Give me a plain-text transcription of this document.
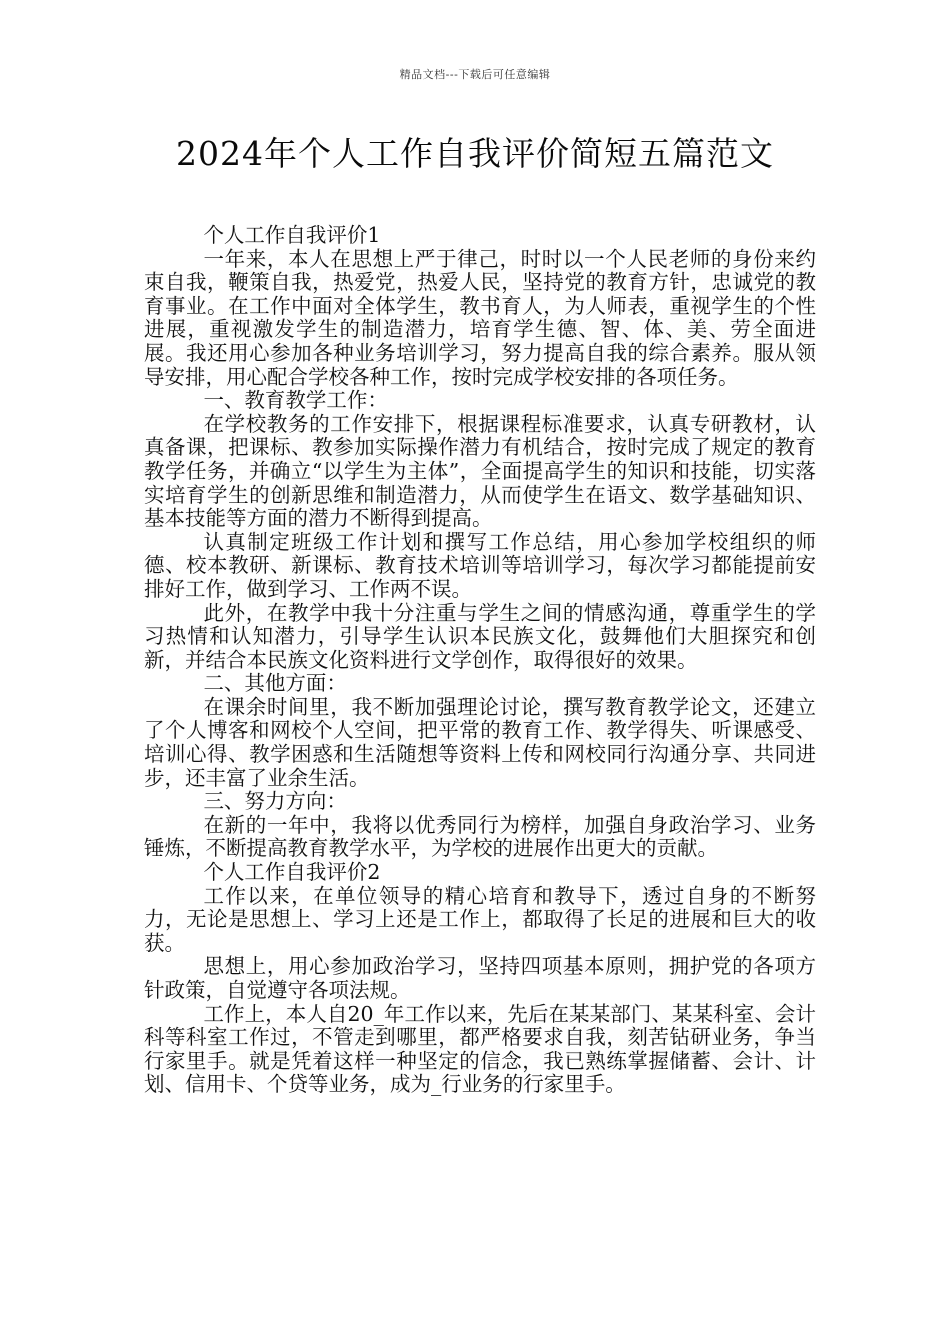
精品文档---下载后可任意编辑
2024年个人工作自我评价简短五篇范文

个人工作自我评价1

一年来，本人在思想上严于律己，时时以一个人民老师的身份来约束自我，鞭策自我，热爱党，热爱人民，坚持党的教育方针，忠诚党的教育事业。在工作中面对全体学生，教书育人，为人师表，重视学生的个性进展，重视激发学生的制造潜力，培育学生德、智、体、美、劳全面进展。我还用心参加各种业务培训学习，努力提高自我的综合素养。服从领导安排，用心配合学校各种工作，按时完成学校安排的各项任务。

一、教育教学工作：

在学校教务的工作安排下，根据课程标准要求，认真专研教材，认真备课，把课标、教参加实际操作潜力有机结合，按时完成了规定的教育教学任务，并确立“以学生为主体”，全面提高学生的知识和技能，切实落实培育学生的创新思维和制造潜力，从而使学生在语文、数学基础知识、基本技能等方面的潜力不断得到提高。

认真制定班级工作计划和撰写工作总结，用心参加学校组织的师德、校本教研、新课标、教育技术培训等培训学习，每次学习都能提前安排好工作，做到学习、工作两不误。

此外，在教学中我十分注重与学生之间的情感沟通，尊重学生的学习热情和认知潜力，引导学生认识本民族文化，鼓舞他们大胆探究和创新，并结合本民族文化资料进行文学创作，取得很好的效果。

二、其他方面：

在课余时间里，我不断加强理论讨论，撰写教育教学论文，还建立了个人博客和网校个人空间，把平常的教育工作、教学得失、听课感受、培训心得、教学困惑和生活随想等资料上传和网校同行沟通分享、共同进步，还丰富了业余生活。

三、努力方向：

在新的一年中，我将以优秀同行为榜样，加强自身政治学习、业务锤炼，不断提高教育教学水平，为学校的进展作出更大的贡献。

个人工作自我评价2

工作以来，在单位领导的精心培育和教导下，透过自身的不断努力，无论是思想上、学习上还是工作上，都取得了长足的进展和巨大的收获。

思想上，用心参加政治学习，坚持四项基本原则，拥护党的各项方针政策，自觉遵守各项法规。

工作上，本人自20_年工作以来，先后在某某部门、某某科室、会计科等科室工作过，不管走到哪里，都严格要求自我，刻苦钻研业务，争当行家里手。就是凭着这样一种坚定的信念，我已熟练掌握储蓄、会计、计划、信用卡、个贷等业务，成为_行业务的行家里手。
